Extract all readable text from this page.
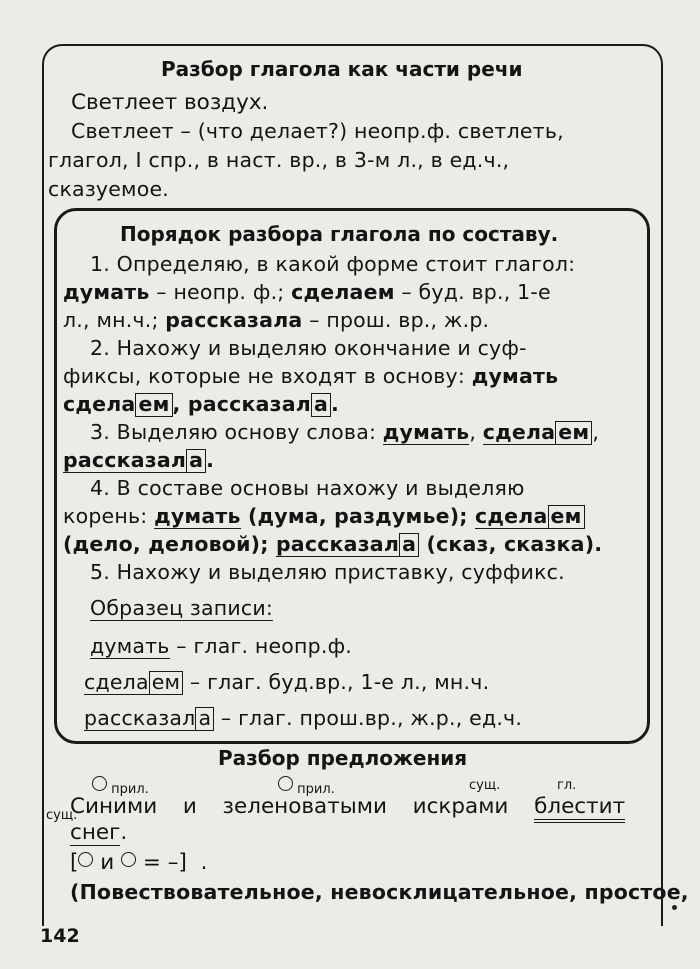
Разбор глагола как части речи
Светлеет воздух.
Светлеет – (что делает?) неопр.ф. светлеть,
глагол, I спр., в наст. вр., в 3-м л., в ед.ч.,
сказуемое.
Порядок разбора глагола по составу.
1. Определяю, в какой форме стоит глагол:
думать – неопр. ф.; сделаем – буд. вр., 1-е
л., мн.ч.; рассказала – прош. вр., ж.р.
2. Нахожу и выделяю окончание и суф-
фиксы, которые не входят в основу: думать
сдела ем , рассказал а .
3. Выделяю основу слова: думать, сдела ем ,
рассказал а .
4. В составе основы нахожу и выделяю
корень: думать (дума, раздумье); сдела ем
(дело, деловой); рассказал а (сказ, сказка).
5. Нахожу и выделяю приставку, суффикс.
Образец записи:
думать – глаг. неопр.ф.
сдела ем – глаг. буд.вр., 1-е л., мн.ч.
рассказал а – глаг. прош.вр., ж.р., ед.ч.
Разбор предложения
прил.	прил.
сущ.
сущ.	гл.
Синими и зеленоватыми искрами блестит
снег.
[ и = –]  .
(Повествовательное, невосклицательное, простое,
142
